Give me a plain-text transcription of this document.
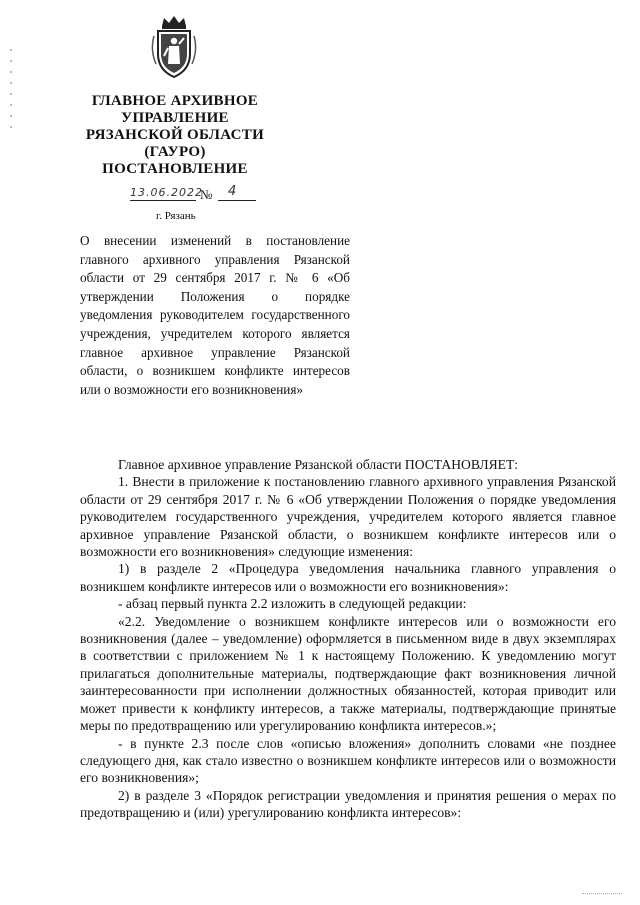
ГЛАВНОЕ АРХИВНОЕ
УПРАВЛЕНИЕ
РЯЗАНСКОЙ ОБЛАСТИ
(ГАУРО)
ПОСТАНОВЛЕНИЕ
13.06.2022
№ 4
г. Рязань

О внесении изменений в постановление главного архивного управления Рязанской области от 29 сентября 2017 г. № 6 «Об утверждении Положения о порядке уведомления руководителем государственного учреждения, учредителем которого является главное архивное управление Рязанской области, о возникшем конфликте интересов или о возможности его возникновения»

Главное архивное управление Рязанской области ПОСТАНОВЛЯЕТ:

1. Внести в приложение к постановлению главного архивного управления Рязанской области от 29 сентября 2017 г. № 6 «Об утверждении Положения о порядке уведомления руководителем государственного учреждения, учредителем которого является главное архивное управление Рязанской области, о возникшем конфликте интересов или о возможности его возникновения» следующие изменения:

1) в разделе 2 «Процедура уведомления начальника главного управления о возникшем конфликте интересов или о возможности его возникновения»:

- абзац первый пункта 2.2 изложить в следующей редакции:

«2.2. Уведомление о возникшем конфликте интересов или о возможности его возникновения (далее – уведомление) оформляется в письменном виде в двух экземплярах в соответствии с приложением № 1 к настоящему Положению. К уведомлению могут прилагаться дополнительные материалы, подтверждающие факт возникновения личной заинтересованности при исполнении должностных обязанностей, которая приводит или может привести к конфликту интересов, а также материалы, подтверждающие принятые меры по предотвращению или урегулированию конфликта интересов.»;

- в пункте 2.3 после слов «описью вложения» дополнить словами «не позднее следующего дня, как стало известно о возникшем конфликте интересов или о возможности его возникновения»;

2) в разделе 3 «Порядок регистрации уведомления и принятия решения о мерах по предотвращению и (или) урегулированию конфликта интересов»:
